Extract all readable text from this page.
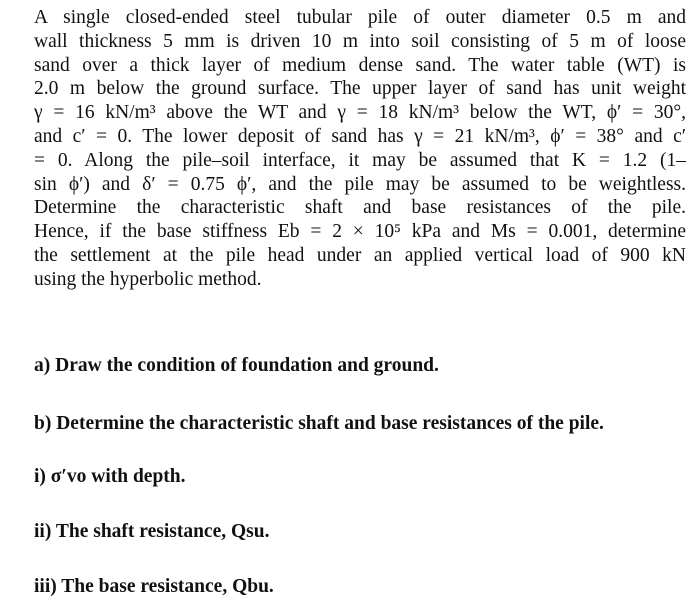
A single closed-ended steel tubular pile of outer diameter 0.5 m and
wall thickness 5 mm is driven 10 m into soil consisting of 5 m of loose
sand over a thick layer of medium dense sand. The water table (WT) is
2.0 m below the ground surface. The upper layer of sand has unit weight
γ = 16 kN/m³ above the WT and γ = 18 kN/m³ below the WT, ϕ′ = 30°,
and c′ = 0. The lower deposit of sand has γ = 21 kN/m³, ϕ′ = 38° and c′
= 0. Along the pile–soil interface, it may be assumed that K = 1.2 (1–
sin ϕ′) and δ′ = 0.75 ϕ′, and the pile may be assumed to be weightless.
Determine the characteristic shaft and base resistances of the pile.
Hence, if the base stiffness Eb = 2 × 10⁵ kPa and Ms = 0.001, determine
the settlement at the pile head under an applied vertical load of 900 kN
using the hyperbolic method.
a) Draw the condition of foundation and ground.
b) Determine the characteristic shaft and base resistances of the pile.
i) σ′vo with depth.
ii) The shaft resistance, Qsu.
iii) The base resistance, Qbu.
